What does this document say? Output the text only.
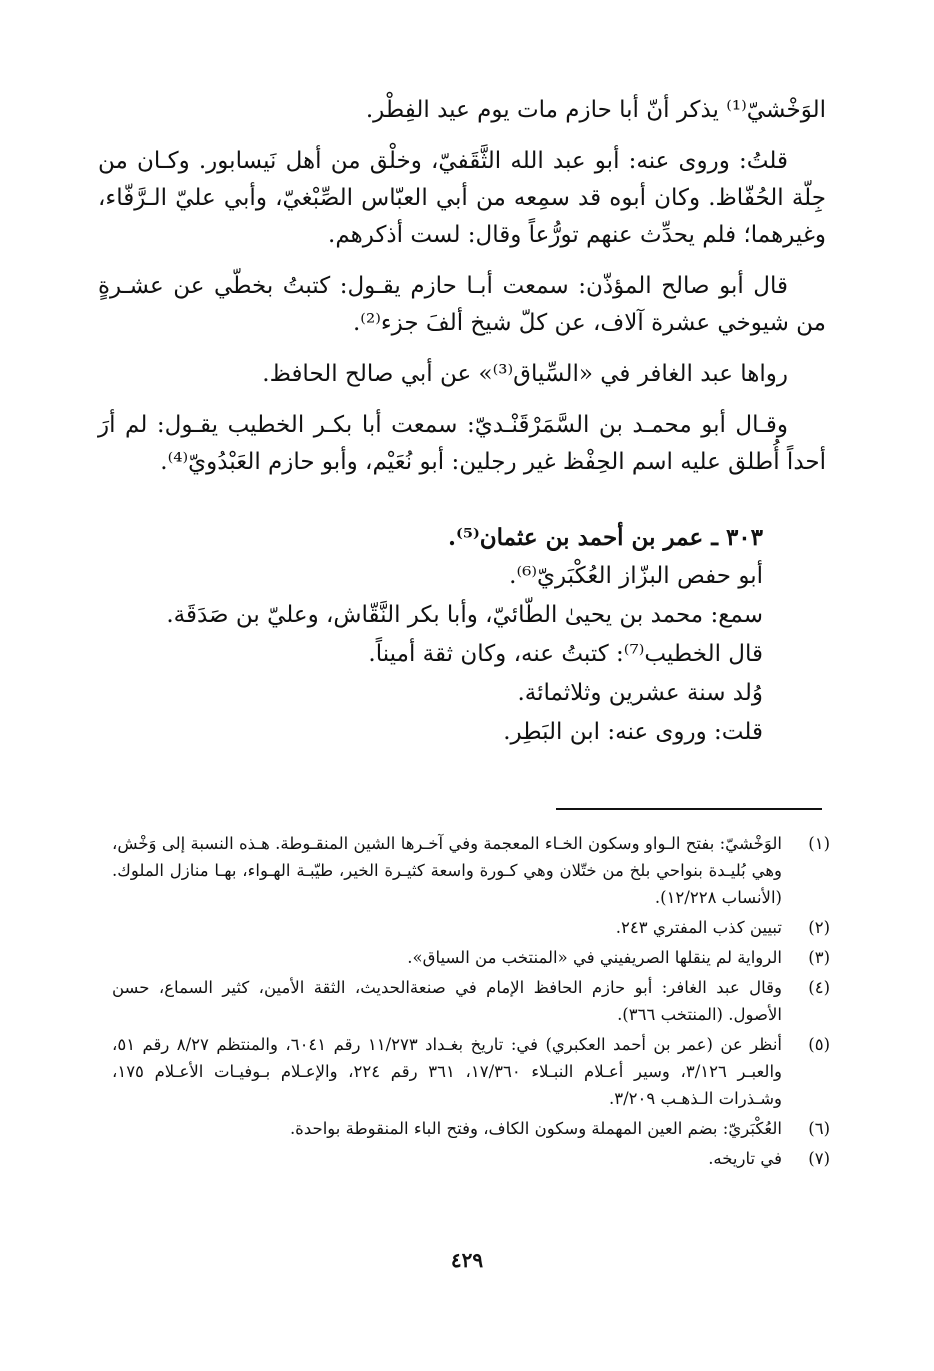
الوَخْشيّ⁽¹⁾ يذكر أنّ أبا حازم مات يوم عيد الفِطْر.

قلتُ: وروى عنه: أبو عبد الله الثَّقَفيّ، وخلْق من أهل نَيسابور. وكـان من جِلّة الحُفّاظ. وكان أبوه قد سمِعه من أبي العبّاس الصِّبْغيّ، وأبي عليّ الـرَّفّاء، وغيرهما؛ فلم يحدِّث عنهم تورُّعاً وقال: لست أذكرهم.

قال أبو صالح المؤذّن: سمعت أبـا حازم يقـول: كتبتُ بخطّي عن عشـرةٍ من شيوخي عشرة آلاف، عن كلّ شيخ ألفَ جزء⁽²⁾.

رواها عبد الغافر في «السِّياق⁽³⁾» عن أبي صالح الحافظ.

وقـال أبو محمـد بن السَّمَرْقَنْـديّ: سمعت أبا بكـر الخطيب يقـول: لم أرَ أحداً أُطلق عليه اسم الحِفْظ غير رجلين: أبو نُعَيْم، وأبو حازم العَبْدُويّ⁽⁴⁾.

٣٠٣ ـ عمر بن أحمد بن عثمان⁽⁵⁾.
أبو حفص البزّاز العُكْبَريّ⁽⁶⁾.
سمع: محمد بن يحيىٰ الطّائيّ، وأبا بكر النَّقّاش، وعليّ بن صَدَقَة.
قال الخطيب⁽⁷⁾: كتبتُ عنه، وكان ثقة أميناً.
وُلد سنة عشرين وثلاثمائة.
قلت: وروى عنه: ابن البَطِر.
(١)
الوَخْشيّ: بفتح الـواو وسكون الخـاء المعجمة وفي آخـرها الشين المنقـوطة. هـذه النسبة إلى وَخْش، وهي بُليـدة بنواحي بلخ من ختّلان وهي كـورة واسعة كثيـرة الخير، طيّبـة الهـواء، بهـا منازل الملوك. (الأنساب ١٢/٢٢٨).
(٢)
تبيين كذب المفتري ٢٤٣.
(٣)
الرواية لم ينقلها الصريفيني في «المنتخب من السياق».
(٤)
وقال عبد الغافر: أبو حازم الحافظ الإمام في صنعةالحديث، الثقة الأمين، كثير السماع، حسن الأصول. (المنتخب ٣٦٦).
(٥)
أنظر عن (عمر بن أحمد العكبري) في: تاريخ بغـداد ١١/٢٧٣ رقم ٦٠٤١، والمنتظم ٨/٢٧ رقم ٥١، والعبـر ٣/١٢٦، وسير أعـلام النبـلاء ١٧/٣٦٠، ٣٦١ رقم ٢٢٤، والإعـلام بـوفيـات الأعـلام ١٧٥، وشـذرات الـذهـب ٣/٢٠٩.
(٦)
العُكْبَريّ: بضم العين المهملة وسكون الكاف، وفتح الباء المنقوطة بواحدة.
(٧)
في تاريخه.
٤٢٩
